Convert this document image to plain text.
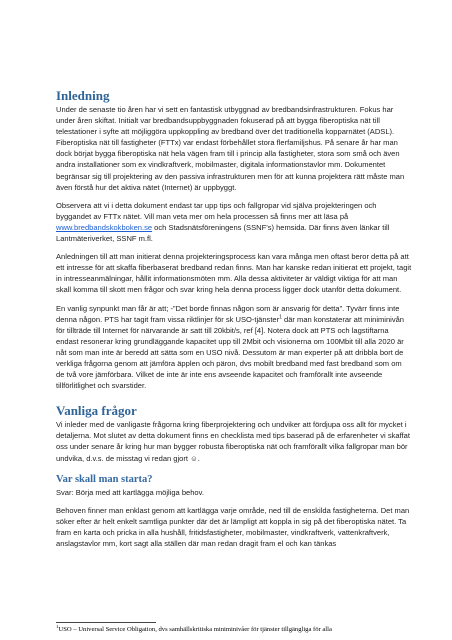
Inledning

Under de senaste tio åren har vi sett en fantastisk utbyggnad av bredbandsinfrastrukturen. Fokus har under åren skiftat. Initialt var bredbandsuppbyggnaden fokuserad på att bygga fiberoptiska nät till telestationer i syfte att möjliggöra uppkoppling av bredband över det traditionella kopparnätet (ADSL). Fiberoptiska nät till fastigheter (FTTx) var endast förbehållet stora flerfamiljshus. På senare år har man dock börjat bygga fiberoptiska nät hela vägen fram till i princip alla fastigheter, stora som små och även andra installationer som ex vindkraftverk, mobilmaster, digitala informationstavlor mm. Dokumentet begränsar sig till projektering av den passiva infrastrukturen men för att kunna projektera rätt måste man även förstå hur det aktiva nätet (Internet) är uppbyggt.

Observera att vi i detta dokument endast tar upp tips och fallgropar vid själva projekteringen och byggandet av FTTx nätet. Vill man veta mer om hela processen så finns mer att läsa på www.bredbandskokboken.se och Stadsnätsföreningens (SSNF’s) hemsida. Där finns även länkar till Lantmäteriverket, SSNF m.fl.

Anledningen till att man initierat denna projekteringsprocess kan vara många men oftast beror detta på att ett intresse för att skaffa fiberbaserat bredband redan finns. Man har kanske redan initierat ett projekt, tagit in intresseanmälningar, hållit informationsmöten mm. Alla dessa aktiviteter är väldigt viktiga för att man skall komma till skott men frågor och svar kring hela denna process ligger dock utanför detta dokument.

En vanlig synpunkt man får är att; -”Det borde finnas någon som är ansvarig för detta”. Tyvärr finns inte denna någon. PTS har tagit fram vissa riktlinjer för sk USO-tjänster$^1$ där man konstaterar att miniminivån för tillträde till Internet för närvarande är satt till 20kbit/s, ref [4]. Notera dock att PTS och lagstiftarna endast resonerar kring grundläggande kapacitet upp till 2Mbit och visionerna om 100Mbit till alla 2020 är nåt som man inte är beredd att sätta som en USO nivå. Dessutom är man experter på att dribbla bort de verkliga frågorna genom att jämföra äpplen och päron, dvs mobilt bredband med fast bredband som om de två vore jämförbara. Vilket de inte är inte ens avseende kapacitet och framförallt inte avseende tillförlitlighet och svarstider.

Vanliga frågor

Vi inleder med de vanligaste frågorna kring fiberprojektering och undviker att fördjupa oss allt för mycket i detaljerna. Mot slutet av detta dokument finns en checklista med tips baserad på de erfarenheter vi skaffat oss under senare år kring hur man bygger robusta fiberoptiska nät och framförallt vilka fallgropar man bör undvika, d.v.s. de misstag vi redan gjort ☺.

Var skall man starta?

Svar: Börja med att kartlägga möjliga behov.

Behoven finner man enklast genom att kartlägga varje område, ned till de enskilda fastigheterna. Det man söker efter är helt enkelt samtliga punkter där det är lämpligt att koppla in sig på det fiberoptiska nätet. Ta fram en karta och pricka in alla hushåll, fritidsfastigheter, mobilmaster, vindkraftverk, vattenkraftverk, anslagstavlor mm, kort sagt alla ställen där man redan dragit fram el och kan tänkas

$^1$USO – Universal Service Obligation, dvs samhällskritiska miniminivåer för tjänster tillgängliga för alla
